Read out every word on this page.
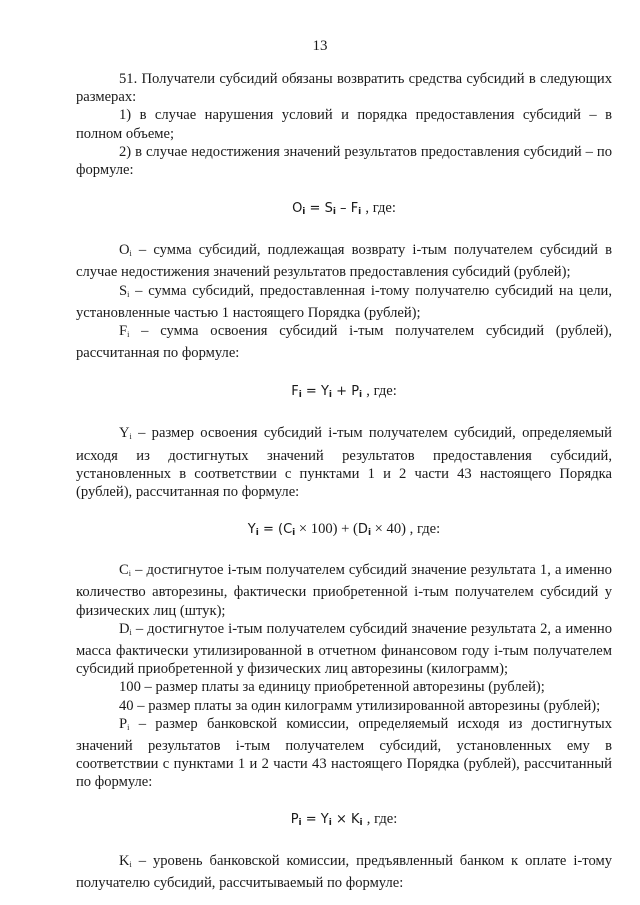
13

51. Получатели субсидий обязаны возвратить средства субсидий в следующих размерах:

1) в случае нарушения условий и порядка предоставления субсидий – в полном объеме;

2) в случае недостижения значений результатов предоставления субсидий – по формуле:

$O_i = S_i - F_i$ , где:

$O_i$ – сумма субсидий, подлежащая возврату i-тым получателем субсидий в случае недостижения значений результатов предоставления субсидий (рублей);

$S_i$ – сумма субсидий, предоставленная i-тому получателю субсидий на цели, установленные частью 1 настоящего Порядка (рублей);

$F_i$ – сумма освоения субсидий i-тым получателем субсидий (рублей), рассчитанная по формуле:

$F_i = Y_i + P_i$ , где:

$Y_i$ – размер освоения субсидий i-тым получателем субсидий, определяемый исходя из достигнутых значений результатов предоставления субсидий, установленных в соответствии с пунктами 1 и 2 части 43 настоящего Порядка (рублей), рассчитанная по формуле:

$Y_i = (C_i \times 100) + (D_i \times 40)$ , где:

$C_i$ – достигнутое i-тым получателем субсидий значение результата 1, а именно количество авторезины, фактически приобретенной i-тым получателем субсидий у физических лиц (штук);

$D_i$ – достигнутое i-тым получателем субсидий значение результата 2, а именно масса фактически утилизированной в отчетном финансовом году i-тым получателем субсидий приобретенной у физических лиц авторезины (килограмм);

100 – размер платы за единицу приобретенной авторезины (рублей);

40 – размер платы за один килограмм утилизированной авторезины (рублей);

$P_i$ – размер банковской комиссии, определяемый исходя из достигнутых значений результатов i-тым получателем субсидий, установленных ему в соответствии с пунктами 1 и 2 части 43 настоящего Порядка (рублей), рассчитанный по формуле:

$P_i = Y_i \times K_i$ , где:

$K_i$ – уровень банковской комиссии, предъявленный банком к оплате i-тому получателю субсидий, рассчитываемый по формуле:
